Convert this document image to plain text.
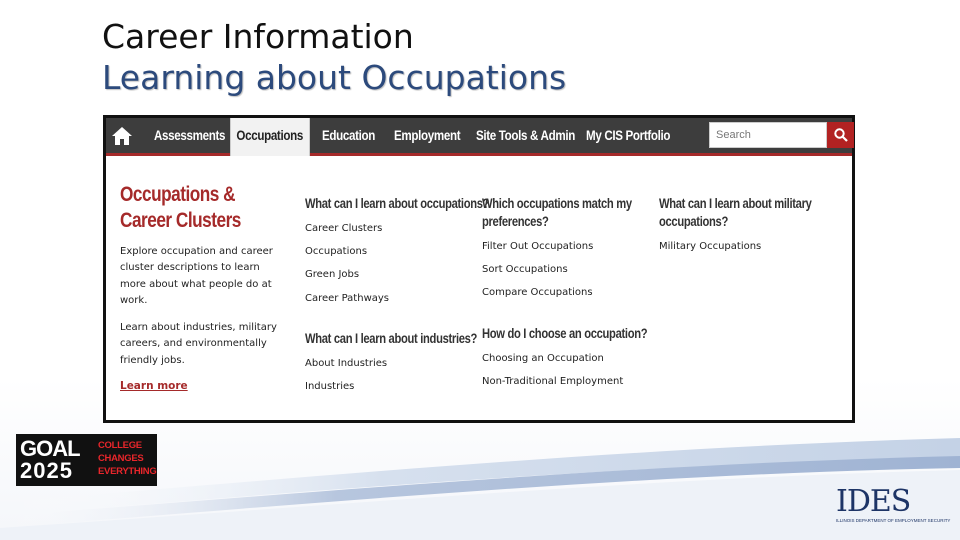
Career Information
Learning about Occupations
Assessments Occupations	Education Employment Site Tools & Admin My CIS Portfolio
Search
Occupations & Career Clusters

Explore occupation and career cluster descriptions to learn more about what people do at work.

Learn about industries, military careers, and environmentally friendly jobs.

Learn more
What can I learn about occupations?
Career Clusters
Occupations
Green Jobs
Career Pathways
What can I learn about industries?
About Industries
Industries
Which occupations match my preferences?
Filter Out Occupations
Sort Occupations
Compare Occupations
How do I choose an occupation?
Choosing an Occupation
Non-Traditional Employment
What can I learn about military occupations?
Military Occupations
GOAL
2025
COLLEGE
CHANGES
EVERYTHING
IDES
ILLINOIS DEPARTMENT OF EMPLOYMENT SECURITY
